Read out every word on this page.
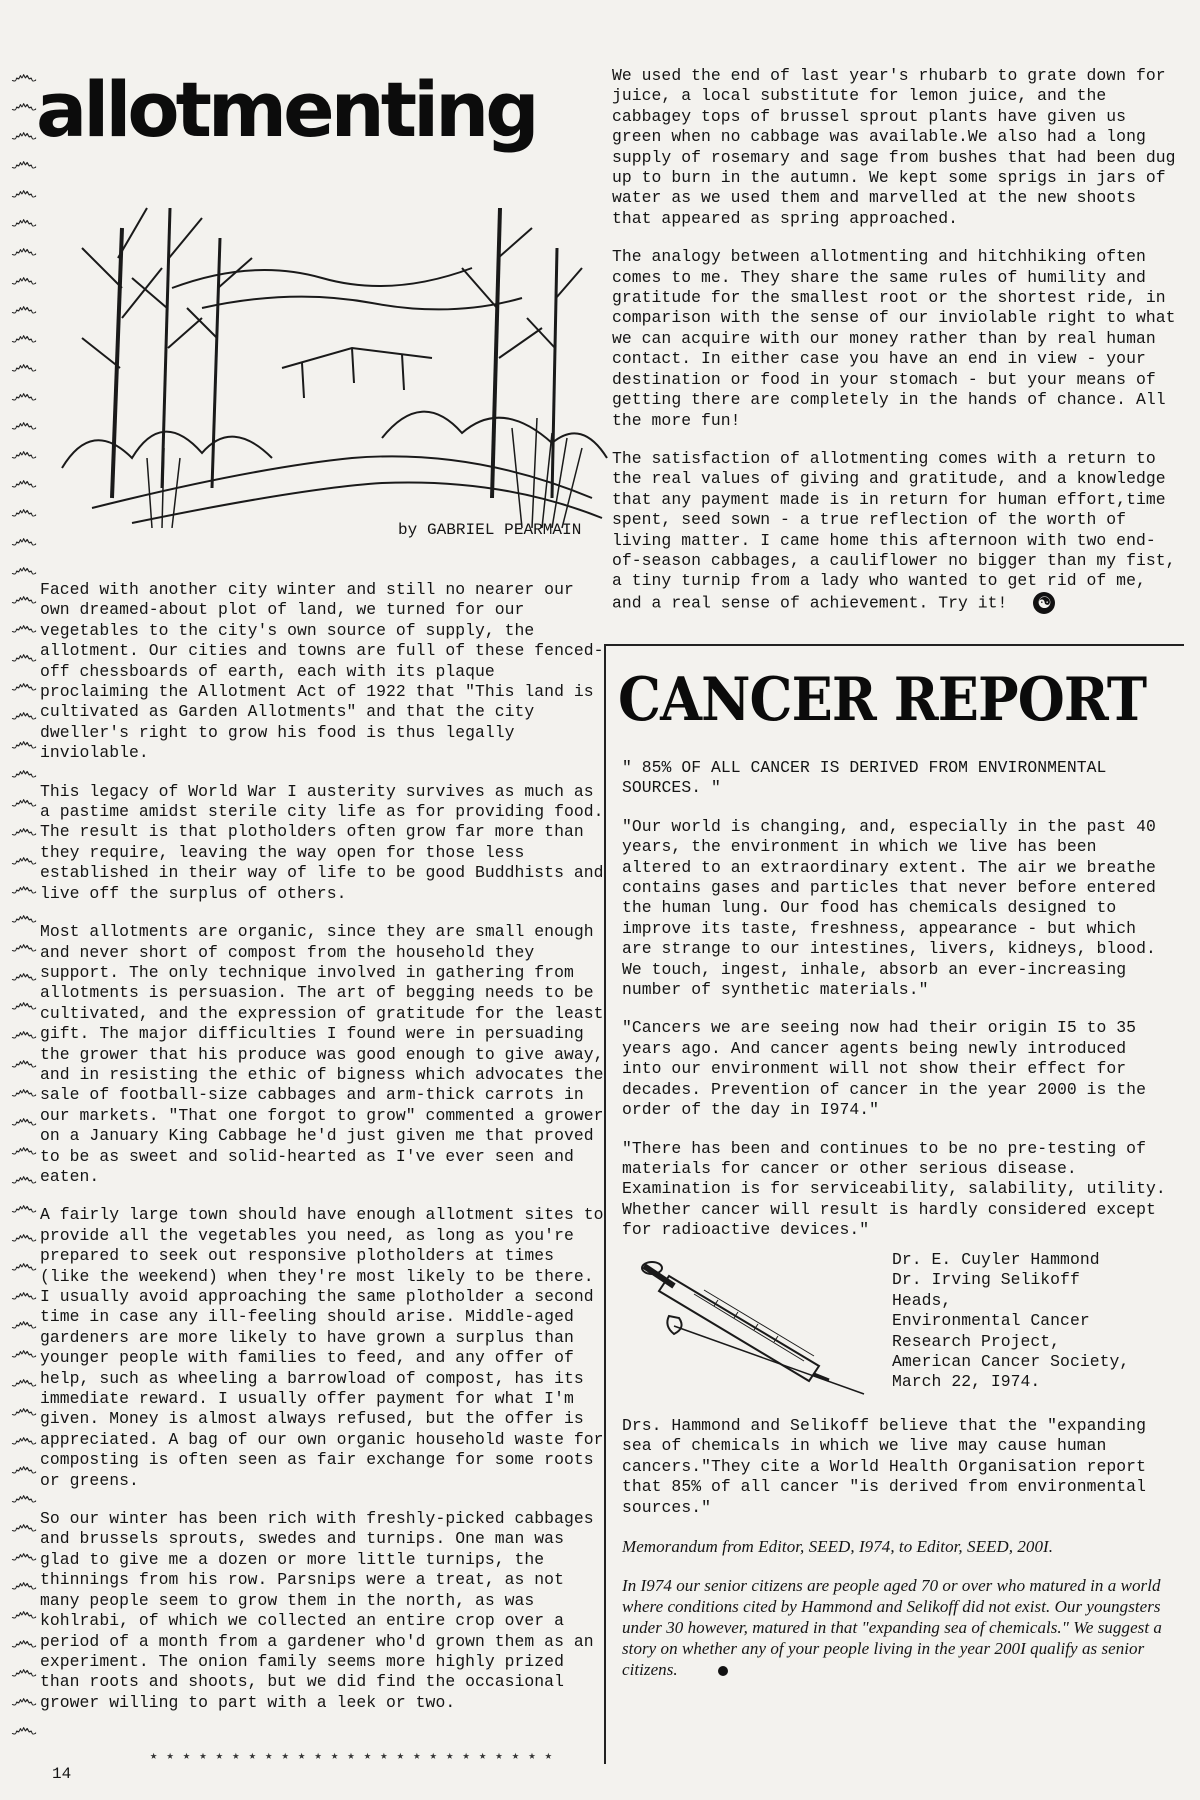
෴
෴
෴
෴
෴
෴
෴
෴
෴
෴
෴
෴
෴
෴
෴
෴
෴
෴
෴
෴
෴
෴
෴
෴
෴
෴
෴
෴
෴
෴
෴
෴
෴
෴
෴
෴
෴
෴
෴
෴
෴
෴
෴
෴
෴
෴
෴
෴
෴
෴
෴
෴
෴
෴
෴
෴
෴
෴
allotmenting
by GABRIEL PEARMAIN

Faced with another city winter and still no nearer our own dreamed-about plot of land, we turned for our vegetables to the city's own source of supply, the allotment. Our cities and towns are full of these fenced-off chessboards of earth, each with its plaque proclaiming the Allotment Act of 1922 that "This land is cultivated as Garden Allotments" and that the city dweller's right to grow his food is thus legally inviolable.

This legacy of World War I austerity survives as much as a pastime amidst sterile city life as for providing food. The result is that plotholders often grow far more than they require, leaving the way open for those less established in their way of life to be good Buddhists and live off the surplus of others.

Most allotments are organic, since they are small enough and never short of compost from the household they support. The only technique involved in gathering from allotments is persuasion. The art of begging needs to be cultivated, and the expression of gratitude for the least gift. The major difficulties I found were in persuading the grower that his produce was good enough to give away, and in resisting the ethic of bigness which advocates the sale of football-size cabbages and arm-thick carrots in our markets. "That one forgot to grow" commented a grower on a January King Cabbage he'd just given me that proved to be as sweet and solid-hearted as I've ever seen and eaten.

A fairly large town should have enough allotment sites to provide all the vegetables you need, as long as you're prepared to seek out responsive plotholders at times (like the weekend) when they're most likely to be there. I usually avoid approaching the same plotholder a second time in case any ill-feeling should arise. Middle-aged gardeners are more likely to have grown a surplus than younger people with families to feed, and any offer of help, such as wheeling a barrowload of compost, has its immediate reward. I usually offer payment for what I'm given. Money is almost always refused, but the offer is appreciated. A bag of our own organic household waste for composting is often seen as fair exchange for some roots or greens.

So our winter has been rich with freshly-picked cabbages and brussels sprouts, swedes and turnips. One man was glad to give me a dozen or more little turnips, the thinnings from his row. Parsnips were a treat, as not many people seem to grow them in the north, as was kohlrabi, of which we collected an entire crop over a period of a month from a gardener who'd grown them as an experiment. The onion family seems more highly prized than roots and shoots, but we did find the occasional grower willing to part with a leek or two.

We used the end of last year's rhubarb to grate down for juice, a local substitute for lemon juice, and the cabbagey tops of brussel sprout plants have given us green when no cabbage was available.We also had a long supply of rosemary and sage from bushes that had been dug up to burn in the autumn. We kept some sprigs in jars of water as we used them and marvelled at the new shoots that appeared as spring approached.

The analogy between allotmenting and hitchhiking often comes to me. They share the same rules of humility and gratitude for the smallest root or the shortest ride, in comparison with the sense of our inviolable right to what we can acquire with our money rather than by real human contact. In either case you have an end in view - your destination or food in your stomach - but your means of getting there are completely in the hands of chance. All the more fun!

The satisfaction of allotmenting comes with a return to the real values of giving and gratitude, and a knowledge that any payment made is in return for human effort,time spent, seed sown - a true reflection of the worth of living matter. I came home this afternoon with two end-of-season cabbages, a cauliflower no bigger than my fist, a tiny turnip from a lady who wanted to get rid of me, and a real sense of achievement. Try it! ☯

CANCER REPORT

" 85% OF ALL CANCER IS DERIVED FROM ENVIRONMENTAL SOURCES. "

"Our world is changing, and, especially in the past 40 years, the environment in which we live has been altered to an extraordinary extent. The air we breathe contains gases and particles that never before entered the human lung. Our food has chemicals designed to improve its taste, freshness, appearance - but which are strange to our intestines, livers, kidneys, blood. We touch, ingest, inhale, absorb an ever-increasing number of synthetic materials."

"Cancers we are seeing now had their origin I5 to 35 years ago. And cancer agents being newly introduced into our environment will not show their effect for decades. Prevention of cancer in the year 2000 is the order of the day in I974."

"There has been and continues to be no pre-testing of materials for cancer or other serious disease. Examination is for serviceability, salability, utility. Whether cancer will result is hardly considered except for radioactive devices."

Dr. E. Cuyler Hammond
Dr. Irving Selikoff
Heads,
Environmental Cancer Research Project,
American Cancer Society,
March 22, I974.

Drs. Hammond and Selikoff believe that the "expanding sea of chemicals in which we live may cause human cancers."They cite a World Health Organisation report that 85% of all cancer "is derived from environmental sources."

Memorandum from Editor, SEED, I974, to Editor, SEED, 200I.

In I974 our senior citizens are people aged 70 or over who matured in a world where conditions cited by Hammond and Selikoff did not exist. Our youngsters under 30 however, matured in that "expanding sea of chemicals." We suggest a story on whether any of your people living in the year 200I qualify as senior citizens.

★ ★ ★ ★ ★ ★ ★ ★ ★ ★ ★ ★ ★ ★ ★ ★ ★ ★ ★ ★ ★ ★ ★ ★ ★
14
